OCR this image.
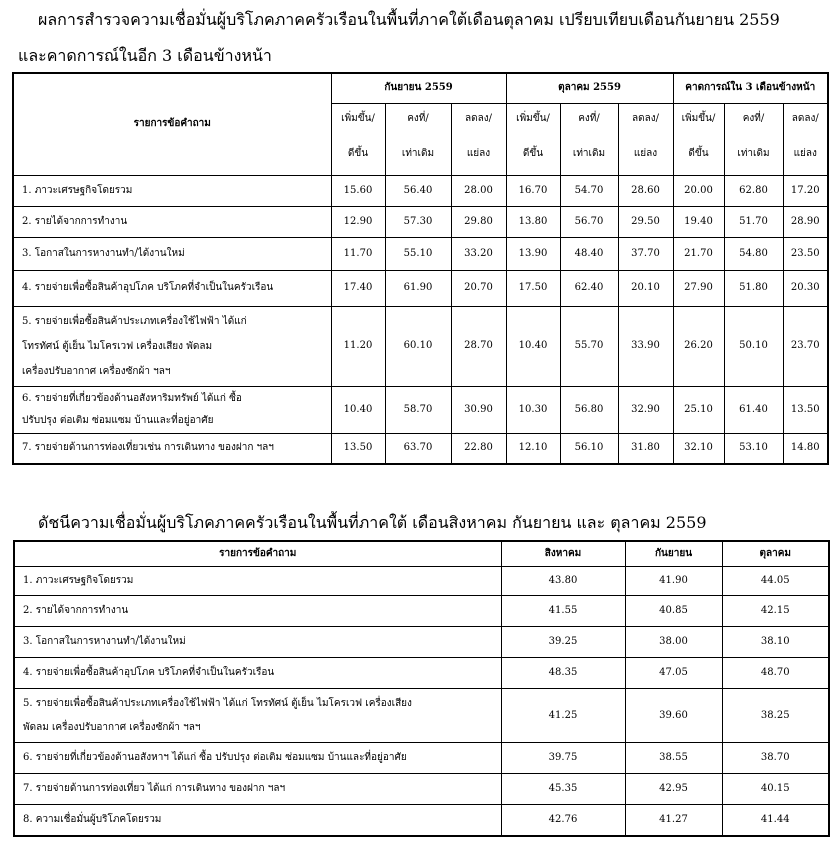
ผลการสำรวจความเชื่อมั่นผู้บริโภคภาคครัวเรือนในพื้นที่ภาคใต้เดือนตุลาคม เปรียบเทียบเดือนกันยายน 2559
และคาดการณ์ในอีก 3 เดือนข้างหน้า
รายการข้อคำถาม	กันยายน 2559			ตุลาคม 2559			คาดการณ์ใน 3 เดือนข้างหน้า		
	เพิ่มขึ้น/	คงที่/	ลดลง/	เพิ่มขึ้น/	คงที่/	ลดลง/	เพิ่มขึ้น/	คงที่/	ลดลง/
	ดีขึ้น	เท่าเดิม	แย่ลง	ดีขึ้น	เท่าเดิม	แย่ลง	ดีขึ้น	เท่าเดิม	แย่ลง

1. ภาวะเศรษฐกิจโดยรวม	15.60	56.40	28.00	16.70	54.70	28.60	20.00	62.80	17.20

2. รายได้จากการทำงาน	12.90	57.30	29.80	13.80	56.70	29.50	19.40	51.70	28.90

3. โอกาสในการหางานทำ/ได้งานใหม่	11.70	55.10	33.20	13.90	48.40	37.70	21.70	54.80	23.50

4. รายจ่ายเพื่อซื้อสินค้าอุปโภค บริโภคที่จำเป็นในครัวเรือน	17.40	61.90	20.70	17.50	62.40	20.10	27.90	51.80	20.30

5. รายจ่ายเพื่อซื้อสินค้าประเภทเครื่องใช้ไฟฟ้า ได้แก่
โทรทัศน์ ตู้เย็น ไมโครเวฟ เครื่องเสียง พัดลม
เครื่องปรับอากาศ เครื่องซักผ้า ฯลฯ	11.20	60.10	28.70	10.40	55.70	33.90	26.20	50.10	23.70

6. รายจ่ายที่เกี่ยวข้องด้านอสังหาริมทรัพย์ ได้แก่ ซื้อ
ปรับปรุง ต่อเติม ซ่อมแซม บ้านและที่อยู่อาศัย	10.40	58.70	30.90	10.30	56.80	32.90	25.10	61.40	13.50

7. รายจ่ายด้านการท่องเที่ยวเช่น การเดินทาง ของฝาก ฯลฯ	13.50	63.70	22.80	12.10	56.10	31.80	32.10	53.10	14.80
ดัชนีความเชื่อมั่นผู้บริโภคภาคครัวเรือนในพื้นที่ภาคใต้ เดือนสิงหาคม กันยายน และ ตุลาคม 2559
รายการข้อคำถาม	สิงหาคม	กันยายน	ตุลาคม

1. ภาวะเศรษฐกิจโดยรวม	43.80	41.90	44.05

2. รายได้จากการทำงาน	41.55	40.85	42.15

3. โอกาสในการหางานทำ/ได้งานใหม่	39.25	38.00	38.10

4. รายจ่ายเพื่อซื้อสินค้าอุปโภค บริโภคที่จำเป็นในครัวเรือน	48.35	47.05	48.70

5. รายจ่ายเพื่อซื้อสินค้าประเภทเครื่องใช้ไฟฟ้า ได้แก่ โทรทัศน์ ตู้เย็น ไมโครเวฟ เครื่องเสียง
พัดลม เครื่องปรับอากาศ เครื่องซักผ้า ฯลฯ	41.25	39.60	38.25

6. รายจ่ายที่เกี่ยวข้องด้านอสังหาฯ ได้แก่ ซื้อ ปรับปรุง ต่อเติม ซ่อมแซม บ้านและที่อยู่อาศัย	39.75	38.55	38.70

7. รายจ่ายด้านการท่องเที่ยว ได้แก่ การเดินทาง ของฝาก ฯลฯ	45.35	42.95	40.15

8. ความเชื่อมั่นผู้บริโภคโดยรวม	42.76	41.27	41.44
